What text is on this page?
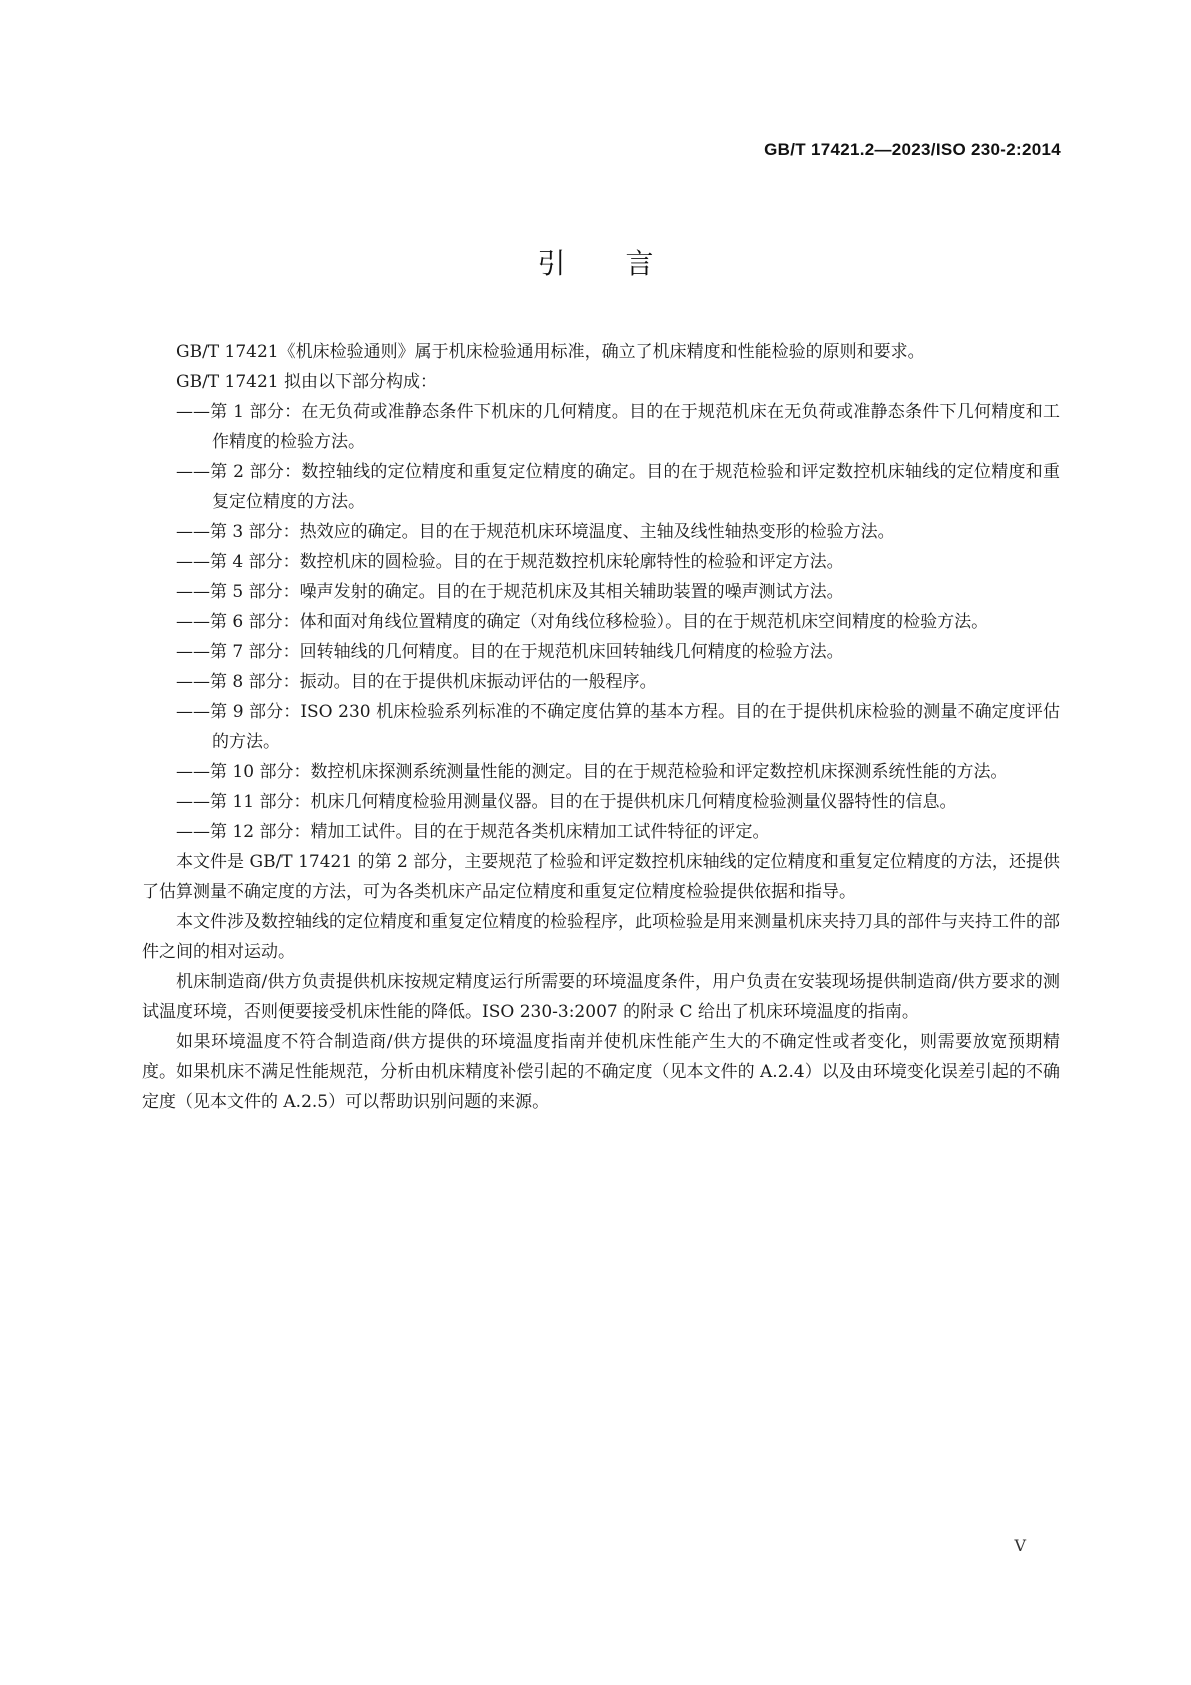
GB/T 17421.2—2023/ISO 230-2:2014
引言

GB/T 17421《机床检验通则》属于机床检验通用标准，确立了机床精度和性能检验的原则和要求。

GB/T 17421 拟由以下部分构成：

——第 1 部分：在无负荷或准静态条件下机床的几何精度。目的在于规范机床在无负荷或准静态条件下几何精度和工作精度的检验方法。

——第 2 部分：数控轴线的定位精度和重复定位精度的确定。目的在于规范检验和评定数控机床轴线的定位精度和重复定位精度的方法。

——第 3 部分：热效应的确定。目的在于规范机床环境温度、主轴及线性轴热变形的检验方法。

——第 4 部分：数控机床的圆检验。目的在于规范数控机床轮廓特性的检验和评定方法。

——第 5 部分：噪声发射的确定。目的在于规范机床及其相关辅助装置的噪声测试方法。

——第 6 部分：体和面对角线位置精度的确定（对角线位移检验）。目的在于规范机床空间精度的检验方法。

——第 7 部分：回转轴线的几何精度。目的在于规范机床回转轴线几何精度的检验方法。

——第 8 部分：振动。目的在于提供机床振动评估的一般程序。

——第 9 部分：ISO 230 机床检验系列标准的不确定度估算的基本方程。目的在于提供机床检验的测量不确定度评估的方法。

——第 10 部分：数控机床探测系统测量性能的测定。目的在于规范检验和评定数控机床探测系统性能的方法。

——第 11 部分：机床几何精度检验用测量仪器。目的在于提供机床几何精度检验测量仪器特性的信息。

——第 12 部分：精加工试件。目的在于规范各类机床精加工试件特征的评定。

本文件是 GB/T 17421 的第 2 部分，主要规范了检验和评定数控机床轴线的定位精度和重复定位精度的方法，还提供了估算测量不确定度的方法，可为各类机床产品定位精度和重复定位精度检验提供依据和指导。

本文件涉及数控轴线的定位精度和重复定位精度的检验程序，此项检验是用来测量机床夹持刀具的部件与夹持工件的部件之间的相对运动。

机床制造商/供方负责提供机床按规定精度运行所需要的环境温度条件，用户负责在安装现场提供制造商/供方要求的测试温度环境，否则便要接受机床性能的降低。ISO 230-3:2007 的附录 C 给出了机床环境温度的指南。

如果环境温度不符合制造商/供方提供的环境温度指南并使机床性能产生大的不确定性或者变化，则需要放宽预期精度。如果机床不满足性能规范，分析由机床精度补偿引起的不确定度（见本文件的 A.2.4）以及由环境变化误差引起的不确定度（见本文件的 A.2.5）可以帮助识别问题的来源。

V
